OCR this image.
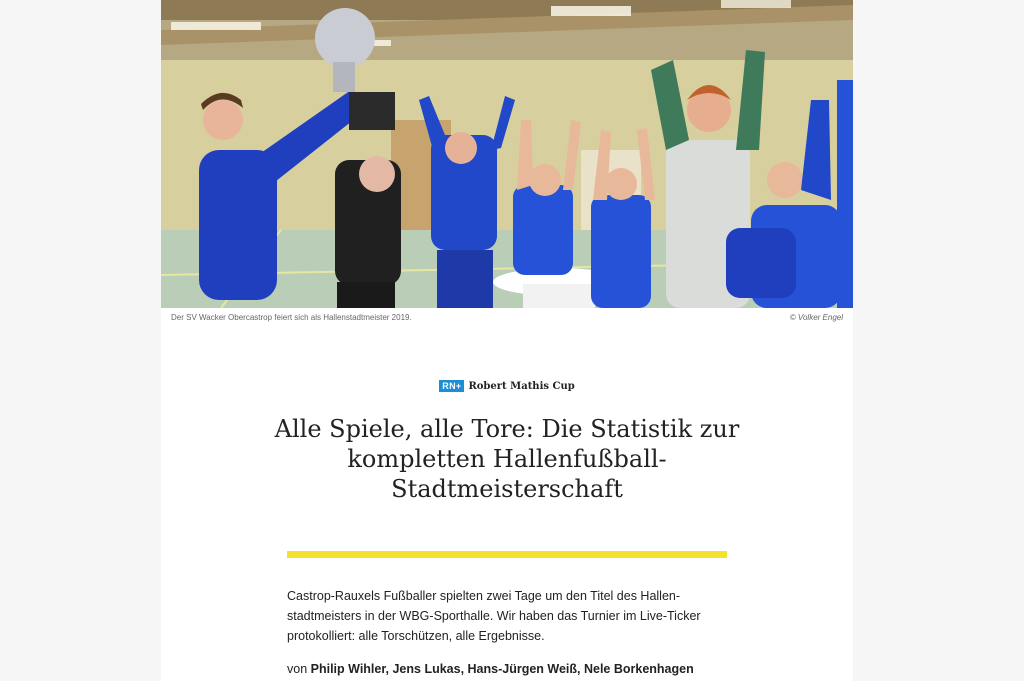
Der SV Wacker Obercastrop feiert sich als Hallenstadtmeister 2019.	© Volker Engel
RN+ Robert Mathis Cup
Alle Spiele, alle Tore: Die Statistik zur kompletten Hallenfußball-Stadtmeisterschaft

Castrop-Rauxels Fußballer spielten zwei Tage um den Titel des Hallenstadtmeisters in der WBG-Sporthalle. Wir haben das Turnier im Live-Ticker protokolliert: alle Torschützen, alle Ergebnisse.

von Philip Wihler, Jens Lukas, Hans-Jürgen Weiß, Nele Borkenhagen
